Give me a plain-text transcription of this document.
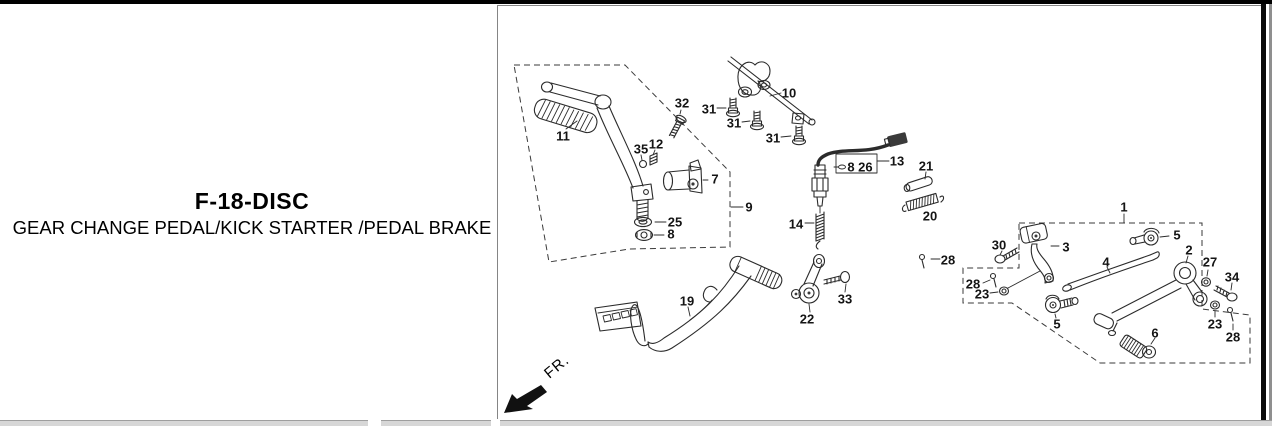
F-18-DISC
GEAR CHANGE PEDAL/KICK STARTER /PEDAL BRAKE
11
32 31
31
31
10
35 12
7
9
25
8
13
8 26
14
21
20
19
22
33
28
28
28
23
23
30	3
5
5
4
2
27
34
6
1
FR.
